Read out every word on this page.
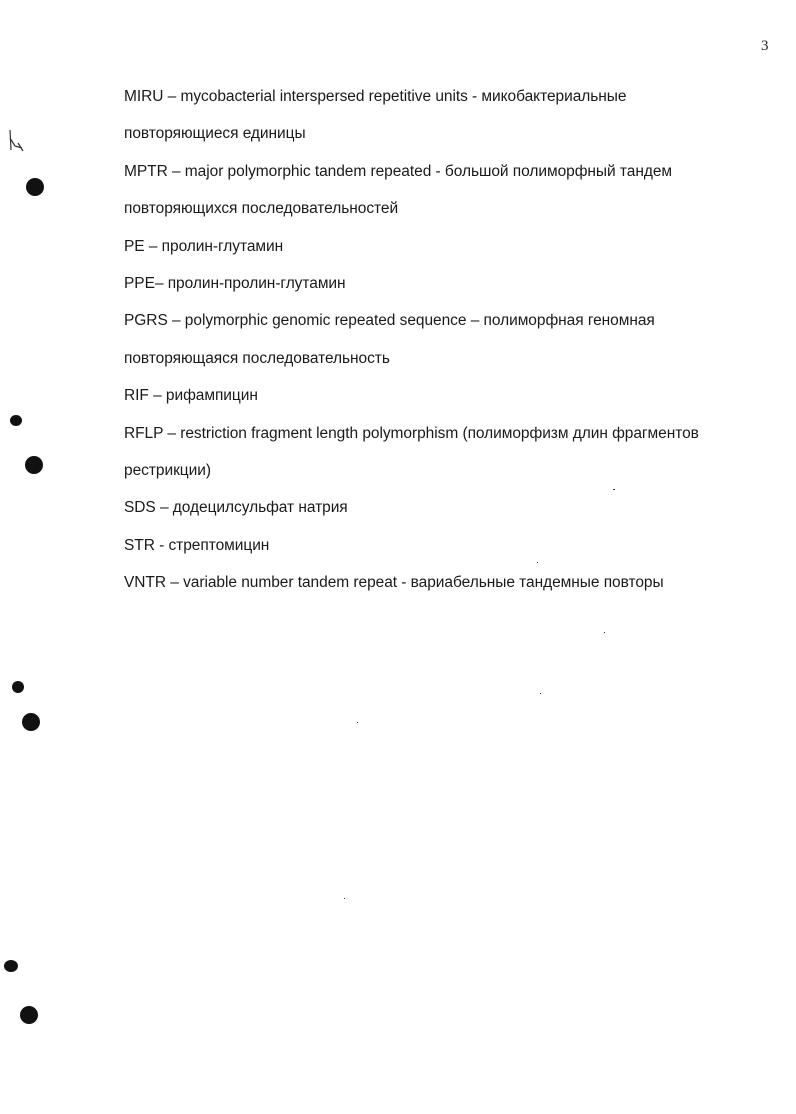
3
MIRU – mycobacterial interspersed repetitive units - микобактериальные
повторяющиеся единицы
MPTR – major polymorphic tandem repeated - большой полиморфный тандем
повторяющихся последовательностей
PE – пролин-глутамин
PPE– пролин-пролин-глутамин
PGRS – polymorphic genomic repeated sequence – полиморфная геномная
повторяющаяся последовательность
RIF – рифампицин
RFLP – restriction fragment length polymorphism (полиморфизм длин фрагментов
рестрикции)
SDS – додецилсульфат натрия
STR - стрептомицин
VNTR – variable number tandem repeat - вариабельные тандемные повторы
